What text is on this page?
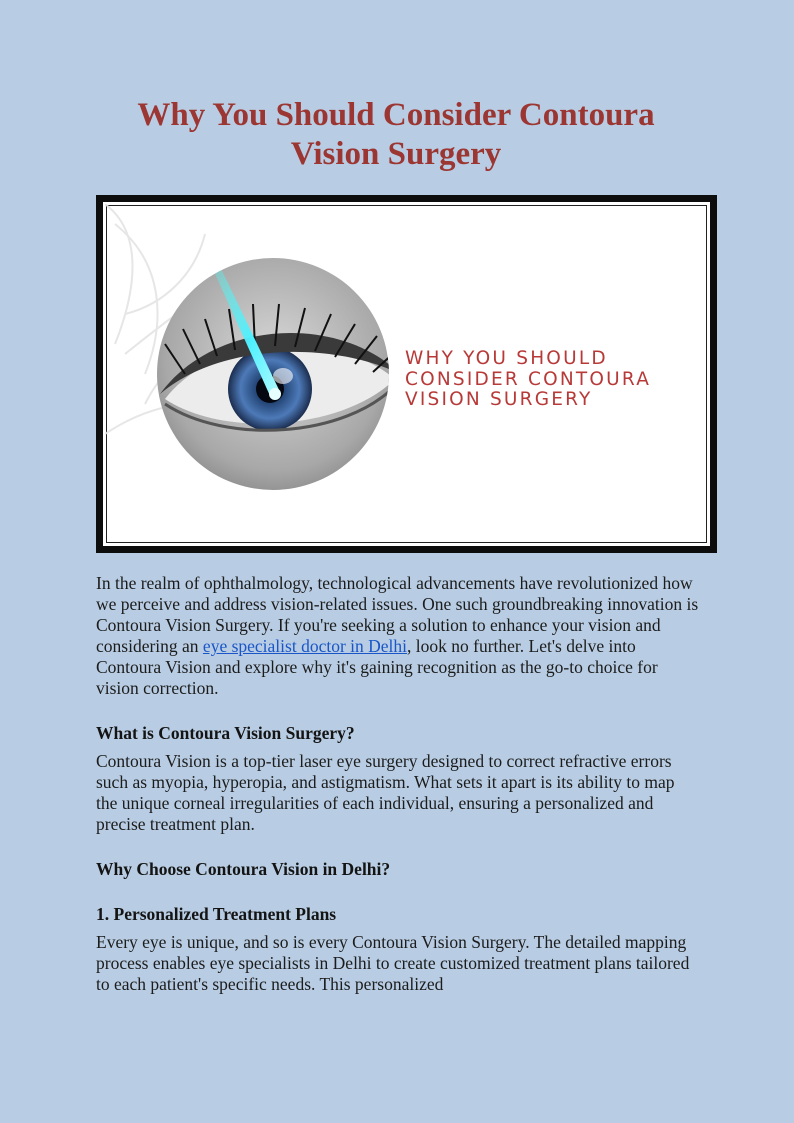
Why You Should Consider Contoura Vision Surgery

WHY YOU SHOULD
CONSIDER CONTOURA
VISION SURGERY

In the realm of ophthalmology, technological advancements have revolutionized how we perceive and address vision-related issues. One such groundbreaking innovation is Contoura Vision Surgery. If you're seeking a solution to enhance your vision and considering an eye specialist doctor in Delhi, look no further. Let's delve into Contoura Vision and explore why it's gaining recognition as the go-to choice for vision correction.

What is Contoura Vision Surgery?

Contoura Vision is a top-tier laser eye surgery designed to correct refractive errors such as myopia, hyperopia, and astigmatism. What sets it apart is its ability to map the unique corneal irregularities of each individual, ensuring a personalized and precise treatment plan.

Why Choose Contoura Vision in Delhi?
1. Personalized Treatment Plans

Every eye is unique, and so is every Contoura Vision Surgery. The detailed mapping process enables eye specialists in Delhi to create customized treatment plans tailored to each patient's specific needs. This personalized
